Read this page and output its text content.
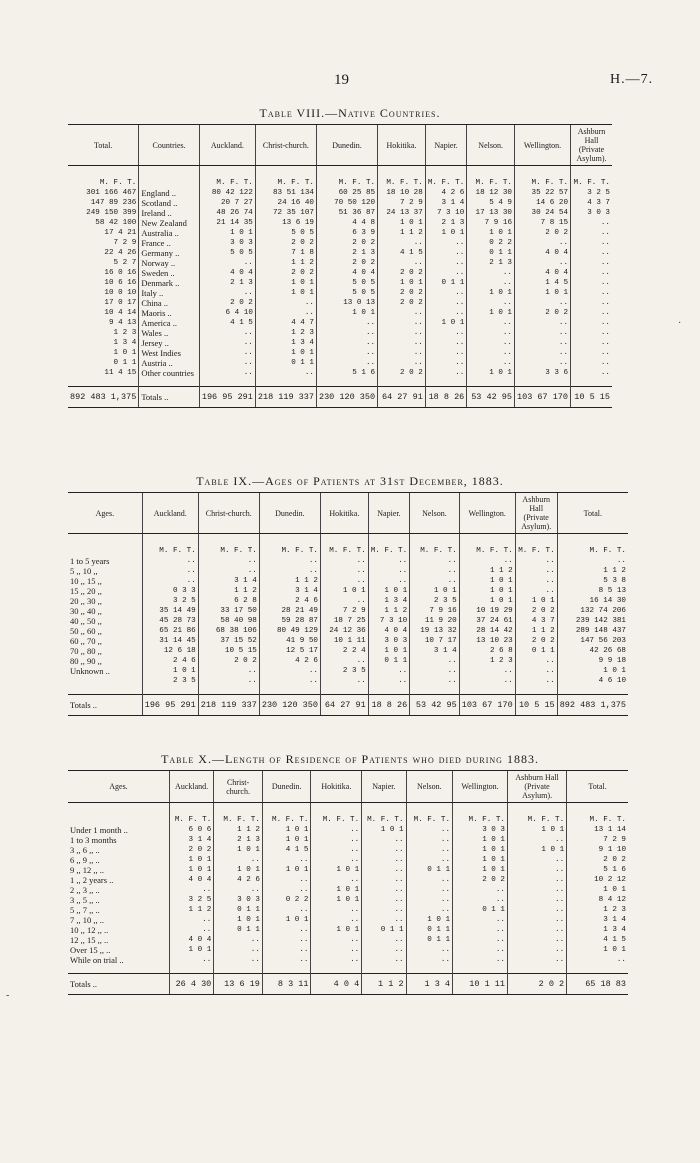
19	H.—7.
Table VIII.—Native Countries.
Total.	Countries.	Auckland.	Christ-church.	Dunedin.	Hokitika.	Napier.	Nelson.	Wellington.	Ashburn Hall (Private Asylum).
M. F. T.		M. F. T.	M. F. T.	M. F. T.	M. F. T.	M. F. T.	M. F. T.	M. F. T.	M. F. T.
301 166 467	England ..	80 42 122	83 51 134	60 25 85	18 10 28	4 2 6	18 12 30	35 22 57	3 2 5
147 89 236	Scotland ..	20 7 27	24 16 40	70 50 120	7 2 9	3 1 4	5 4 9	14 6 20	4 3 7
249 150 399	Ireland ..	48 26 74	72 35 107	51 36 87	24 13 37	7 3 10	17 13 30	30 24 54	3 0 3
58 42 100	New Zealand	21 14 35	13 6 19	4 4 8	1 0 1	2 1 3	7 9 16	7 8 15	..
17 4 21	Australia ..	1 0 1	5 0 5	6 3 9	1 1 2	1 0 1	1 0 1	2 0 2	..
7 2 9	France ..	3 0 3	2 0 2	2 0 2	..	..	0 2 2	..	..
22 4 26	Germany ..	5 0 5	7 1 8	2 1 3	4 1 5	..	0 1 1	4 0 4	..
5 2 7	Norway ..	..	1 1 2	2 0 2	..	..	2 1 3	..	..
16 0 16	Sweden ..	4 0 4	2 0 2	4 0 4	2 0 2	..	..	4 0 4	..
10 6 16	Denmark ..	2 1 3	1 0 1	5 0 5	1 0 1	0 1 1	..	1 4 5	..
10 0 10	Italy ..	..	1 0 1	5 0 5	2 0 2	..	1 0 1	1 0 1	..
17 0 17	China ..	2 0 2	..	13 0 13	2 0 2	..	..	..	..
10 4 14	Maoris ..	6 4 10	..	1 0 1	..	..	1 0 1	2 0 2	..
9 4 13	America ..	4 1 5	4 4 7	..	..	1 0 1	..	..	..
1 2 3	Wales ..	..	1 2 3	..	..	..	..	..	..
1 3 4	Jersey ..	..	1 3 4	..	..	..	..	..	..
1 0 1	West Indies	..	1 0 1	..	..	..	..	..	..
0 1 1	Austria ..	..	0 1 1	..	..	..	..	..	..
11 4 15	Other countries	..	..	5 1 6	2 0 2	..	1 0 1	3 3 6	..

892 483 1,375	Totals ..	196 95 291	218 119 337	230 120 350	64 27 91	18 8 26	53 42 95	103 67 170	10 5 15
Table IX.—Ages of Patients at 31st December, 1883.
Ages.	Auckland.	Christ-church.	Dunedin.	Hokitika.	Napier.	Nelson.	Wellington.	Ashburn Hall (Private Asylum).	Total.
	M. F. T.	M. F. T.	M. F. T.	M. F. T.	M. F. T.	M. F. T.	M. F. T.	M. F. T.	M. F. T.
1 to 5 years	..	..	..	..	..	..	..	..	..
5 ,, 10 ,,	..	..	..	..	..	..	1 1 2	..	1 1 2
10 ,, 15 ,,	..	3 1 4	1 1 2	..	..	..	1 0 1	..	5 3 8
15 ,, 20 ,,	0 3 3	1 1 2	3 1 4	1 0 1	1 0 1	1 0 1	1 0 1	..	8 5 13
20 ,, 30 ,,	3 2 5	6 2 8	2 4 6	..	1 3 4	2 3 5	1 0 1	1 0 1	16 14 30
30 ,, 40 ,,	35 14 49	33 17 50	28 21 49	7 2 9	1 1 2	7 9 16	10 19 29	2 0 2	132 74 206
40 ,, 50 ,,	45 28 73	58 40 98	59 28 87	18 7 25	7 3 10	11 9 20	37 24 61	4 3 7	239 142 381
50 ,, 60 ,,	65 21 86	68 38 106	80 49 129	24 12 36	4 0 4	19 13 32	28 14 42	1 1 2	289 148 437
60 ,, 70 ,,	31 14 45	37 15 52	41 9 50	10 1 11	3 0 3	10 7 17	13 10 23	2 0 2	147 56 203
70 ,, 80 ,,	12 6 18	10 5 15	12 5 17	2 2 4	1 0 1	3 1 4	2 6 8	0 1 1	42 26 68
80 ,, 90 ,,	2 4 6	2 0 2	4 2 6	..	0 1 1	..	1 2 3	..	9 9 18
Unknown ..	1 0 1	..	..	2 3 5	..	..	..	..	1 0 1
	2 3 5	..	..	..	..	..	..	..	4 6 10

Totals ..	196 95 291	218 119 337	230 120 350	64 27 91	18 8 26	53 42 95	103 67 170	10 5 15	892 483 1,375
Table X.—Length of Residence of Patients who died during 1883.
Ages.	Auckland.	Christ-church.	Dunedin.	Hokitika.	Napier.	Nelson.	Wellington.	Ashburn Hall (Private Asylum).	Total.
	M. F. T.	M. F. T.	M. F. T.	M. F. T.	M. F. T.	M. F. T.	M. F. T.	M. F. T.	M. F. T.
Under 1 month ..	6 0 6	1 1 2	1 0 1	..	1 0 1	..	3 0 3	1 0 1	13 1 14
1 to 3 months	3 1 4	2 1 3	1 0 1	..	..	..	1 0 1	..	7 2 9
3 ,, 6 ,, ..	2 0 2	1 0 1	4 1 5	..	..	..	1 0 1	1 0 1	9 1 10
6 ,, 9 ,, ..	1 0 1	..	..	..	..	..	1 0 1	..	2 0 2
9 ,, 12 ,, ..	1 0 1	1 0 1	1 0 1	1 0 1	..	0 1 1	1 0 1	..	5 1 6
1 ,, 2 years ..	4 0 4	4 2 6	..	..	..	..	2 0 2	..	10 2 12
2 ,, 3 ,, ..	..	..	..	1 0 1	..	..	..	..	1 0 1
3 ,, 5 ,, ..	3 2 5	3 0 3	0 2 2	1 0 1	..	..	..	..	8 4 12
5 ,, 7 ,, ..	1 1 2	0 1 1	..	..	..	..	0 1 1	..	1 2 3
7 ,, 10 ,, ..	..	1 0 1	1 0 1	..	..	1 0 1	..	..	3 1 4
10 ,, 12 ,, ..	..	0 1 1	..	1 0 1	0 1 1	0 1 1	..	..	1 3 4
12 ,, 15 ,, ..	4 0 4	..	..	..	..	0 1 1	..	..	4 1 5
Over 15 ,, ..	1 0 1	..	..	..	..	..	..	..	1 0 1
While on trial ..	..	..	..	..	..	..	..	..	..

Totals ..	26 4 30	13 6 19	8 3 11	4 0 4	1 1 2	1 3 4	10 1 11	2 0 2	65 18 83
·
-
